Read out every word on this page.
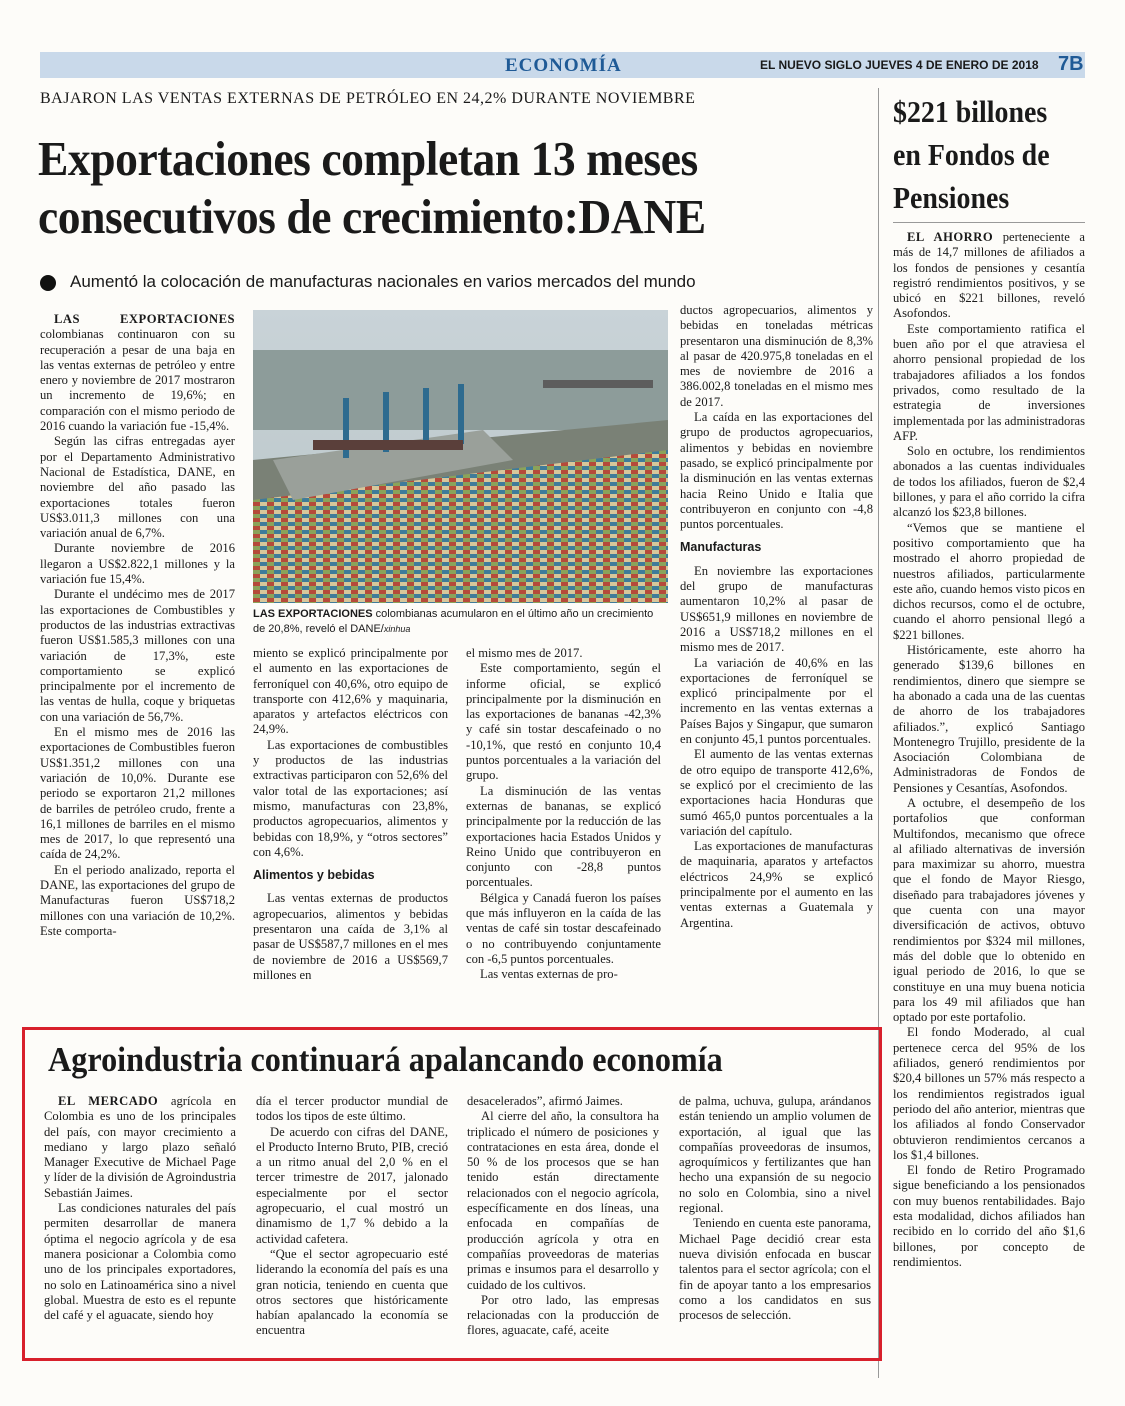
ECONOMÍA	EL NUEVO SIGLO JUEVES 4 DE ENERO DE 2018 7B
BAJARON LAS VENTAS EXTERNAS DE PETRÓLEO EN 24,2% DURANTE NOVIEMBRE
Exportaciones completan 13 meses consecutivos de crecimiento:DANE
Aumentó la colocación de manufacturas nacionales en varios mercados del mundo

LAS EXPORTACIONES colombianas continuaron con su recuperación a pesar de una baja en las ventas externas de petróleo y entre enero y noviembre de 2017 mostraron un incremento de 19,6%; en comparación con el mismo periodo de 2016 cuando la variación fue -15,4%.

Según las cifras entregadas ayer por el Departamento Administrativo Nacional de Estadística, DANE, en noviembre del año pasado las exportaciones totales fueron US$3.011,3 millones con una variación anual de 6,7%.

Durante noviembre de 2016 llegaron a US$2.822,1 millones y la variación fue 15,4%.

Durante el undécimo mes de 2017 las exportaciones de Combustibles y productos de las industrias extractivas fueron US$1.585,3 millones con una variación de 17,3%, este comportamiento se explicó principalmente por el incremento de las ventas de hulla, coque y briquetas con una variación de 56,7%.

En el mismo mes de 2016 las exportaciones de Combustibles fueron US$1.351,2 millones con una variación de 10,0%. Durante ese periodo se exportaron 21,2 millones de barriles de petróleo crudo, frente a 16,1 millones de barriles en el mismo mes de 2017, lo que representó una caída de 24,2%.

En el periodo analizado, reporta el DANE, las exportaciones del grupo de Manufacturas fueron US$718,2 millones con una variación de 10,2%. Este comporta-

LAS EXPORTACIONES colombianas acumularon en el último año un crecimiento de 20,8%, reveló el DANE/xinhua

miento se explicó principalmente por el aumento en las exportaciones de ferroníquel con 40,6%, otro equipo de transporte con 412,6% y maquinaria, aparatos y artefactos eléctricos con 24,9%.

Las exportaciones de combustibles y productos de las industrias extractivas participaron con 52,6% del valor total de las exportaciones; así mismo, manufacturas con 23,8%, productos agropecuarios, alimentos y bebidas con 18,9%, y “otros sectores” con 4,6%.

Alimentos y bebidas

Las ventas externas de productos agropecuarios, alimentos y bebidas presentaron una caída de 3,1% al pasar de US$587,7 millones en el mes de noviembre de 2016 a US$569,7 millones en

el mismo mes de 2017.

Este comportamiento, según el informe oficial, se explicó principalmente por la disminución en las exportaciones de bananas -42,3% y café sin tostar descafeinado o no -10,1%, que restó en conjunto 10,4 puntos porcentuales a la variación del grupo.

La disminución de las ventas externas de bananas, se explicó principalmente por la reducción de las exportaciones hacia Estados Unidos y Reino Unido que contribuyeron en conjunto con -28,8 puntos porcentuales.

Bélgica y Canadá fueron los países que más influyeron en la caída de las ventas de café sin tostar descafeinado o no contribuyendo conjuntamente con -6,5 puntos porcentuales.

Las ventas externas de pro-

ductos agropecuarios, alimentos y bebidas en toneladas métricas presentaron una disminución de 8,3% al pasar de 420.975,8 toneladas en el mes de noviembre de 2016 a 386.002,8 toneladas en el mismo mes de 2017.

La caída en las exportaciones del grupo de productos agropecuarios, alimentos y bebidas en noviembre pasado, se explicó principalmente por la disminución en las ventas externas hacia Reino Unido e Italia que contribuyeron en conjunto con -4,8 puntos porcentuales.

Manufacturas

En noviembre las exportaciones del grupo de manufacturas aumentaron 10,2% al pasar de US$651,9 millones en noviembre de 2016 a US$718,2 millones en el mismo mes de 2017.

La variación de 40,6% en las exportaciones de ferroníquel se explicó principalmente por el incremento en las ventas externas a Países Bajos y Singapur, que sumaron en conjunto 45,1 puntos porcentuales.

El aumento de las ventas externas de otro equipo de transporte 412,6%, se explicó por el crecimiento de las exportaciones hacia Honduras que sumó 465,0 puntos porcentuales a la variación del capítulo.

Las exportaciones de manufacturas de maquinaria, aparatos y artefactos eléctricos 24,9% se explicó principalmente por el aumento en las ventas externas a Guatemala y Argentina.

$221 billones en Fondos de Pensiones

EL AHORRO perteneciente a más de 14,7 millones de afiliados a los fondos de pensiones y cesantía registró rendimientos positivos, y se ubicó en $221 billones, reveló Asofondos.

Este comportamiento ratifica el buen año por el que atraviesa el ahorro pensional propiedad de los trabajadores afiliados a los fondos privados, como resultado de la estrategia de inversiones implementada por las administradoras AFP.

Solo en octubre, los rendimientos abonados a las cuentas individuales de todos los afiliados, fueron de $2,4 billones, y para el año corrido la cifra alcanzó los $23,8 billones.

“Vemos que se mantiene el positivo comportamiento que ha mostrado el ahorro propiedad de nuestros afiliados, particularmente este año, cuando hemos visto picos en dichos recursos, como el de octubre, cuando el ahorro pensional llegó a $221 billones.

Históricamente, este ahorro ha generado $139,6 billones en rendimientos, dinero que siempre se ha abonado a cada una de las cuentas de ahorro de los trabajadores afiliados.”, explicó Santiago Montenegro Trujillo, presidente de la Asociación Colombiana de Administradoras de Fondos de Pensiones y Cesantías, Asofondos.

A octubre, el desempeño de los portafolios que conforman Multifondos, mecanismo que ofrece al afiliado alternativas de inversión para maximizar su ahorro, muestra que el fondo de Mayor Riesgo, diseñado para trabajadores jóvenes y que cuenta con una mayor diversificación de activos, obtuvo rendimientos por $324 mil millones, más del doble que lo obtenido en igual periodo de 2016, lo que se constituye en una muy buena noticia para los 49 mil afiliados que han optado por este portafolio.

El fondo Moderado, al cual pertenece cerca del 95% de los afiliados, generó rendimientos por $20,4 billones un 57% más respecto a los rendimientos registrados igual periodo del año anterior, mientras que los afiliados al fondo Conservador obtuvieron rendimientos cercanos a los $1,4 billones.

El fondo de Retiro Programado sigue beneficiando a los pensionados con muy buenos rentabilidades. Bajo esta modalidad, dichos afiliados han recibido en lo corrido del año $1,6 billones, por concepto de rendimientos.

Agroindustria continuará apalancando economía

EL MERCADO agrícola en Colombia es uno de los principales del país, con mayor crecimiento a mediano y largo plazo señaló Manager Executive de Michael Page y líder de la división de Agroindustria Sebastián Jaimes.

Las condiciones naturales del país permiten desarrollar de manera óptima el negocio agrícola y de esa manera posicionar a Colombia como uno de los principales exportadores, no solo en Latinoamérica sino a nivel global. Muestra de esto es el repunte del café y el aguacate, siendo hoy

día el tercer productor mundial de todos los tipos de este último.

De acuerdo con cifras del DANE, el Producto Interno Bruto, PIB, creció a un ritmo anual del 2,0 % en el tercer trimestre de 2017, jalonado especialmente por el sector agropecuario, el cual mostró un dinamismo de 1,7 % debido a la actividad cafetera.

“Que el sector agropecuario esté liderando la economía del país es una gran noticia, teniendo en cuenta que otros sectores que históricamente habían apalancado la economía se encuentra

desacelerados”, afirmó Jaimes.

Al cierre del año, la consultora ha triplicado el número de posiciones y contrataciones en esta área, donde el 50 % de los procesos que se han tenido están directamente relacionados con el negocio agrícola, específicamente en dos líneas, una enfocada en compañías de producción agrícola y otra en compañías proveedoras de materias primas e insumos para el desarrollo y cuidado de los cultivos.

Por otro lado, las empresas relacionadas con la producción de flores, aguacate, café, aceite

de palma, uchuva, gulupa, arándanos están teniendo un amplio volumen de exportación, al igual que las compañías proveedoras de insumos, agroquímicos y fertilizantes que han hecho una expansión de su negocio no solo en Colombia, sino a nivel regional.

Teniendo en cuenta este panorama, Michael Page decidió crear esta nueva división enfocada en buscar talentos para el sector agrícola; con el fin de apoyar tanto a los empresarios como a los candidatos en sus procesos de selección.
